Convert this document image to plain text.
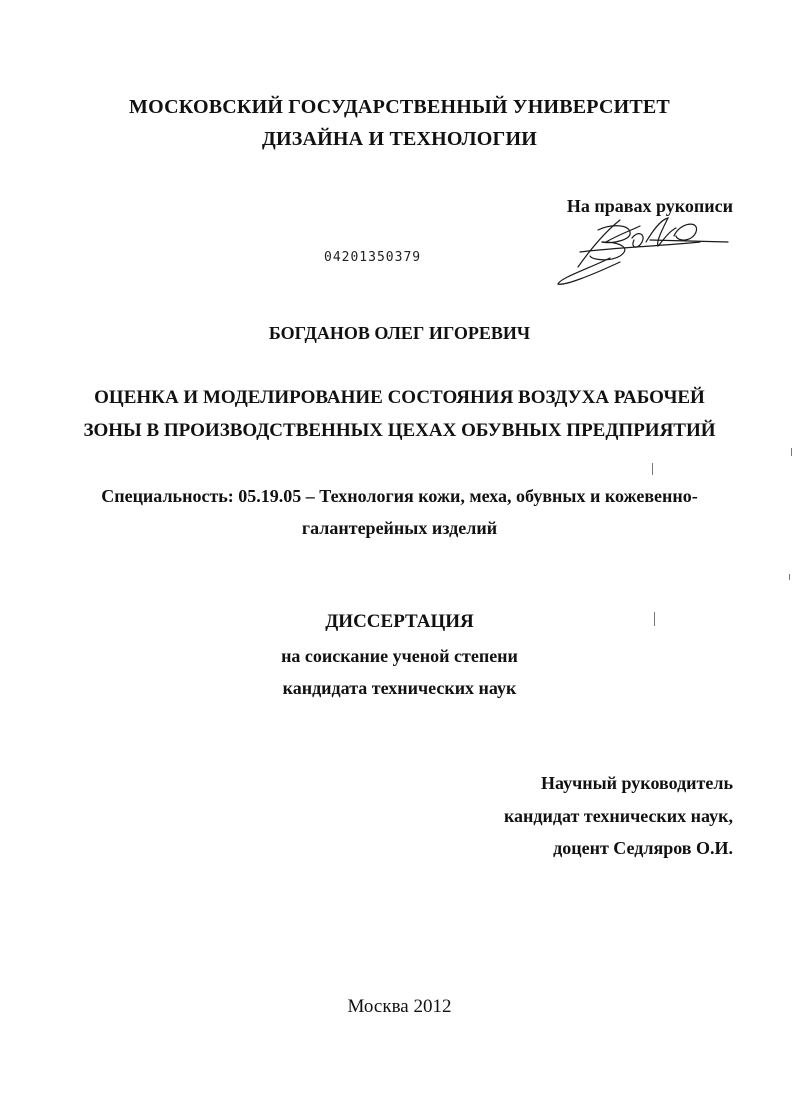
МОСКОВСКИЙ ГОСУДАРСТВЕННЫЙ УНИВЕРСИТЕТ
ДИЗАЙНА И ТЕХНОЛОГИИ
На правах рукописи
04201350379
БОГДАНОВ ОЛЕГ ИГОРЕВИЧ
ОЦЕНКА И МОДЕЛИРОВАНИЕ СОСТОЯНИЯ ВОЗДУХА РАБОЧЕЙ
ЗОНЫ В ПРОИЗВОДСТВЕННЫХ ЦЕХАХ ОБУВНЫХ ПРЕДПРИЯТИЙ
Специальность: 05.19.05 – Технология кожи, меха, обувных и кожевенно-
галантерейных изделий
ДИССЕРТАЦИЯ
на соискание ученой степени
кандидата технических наук
Научный руководитель
кандидат технических наук,
доцент Седляров О.И.
Москва 2012
